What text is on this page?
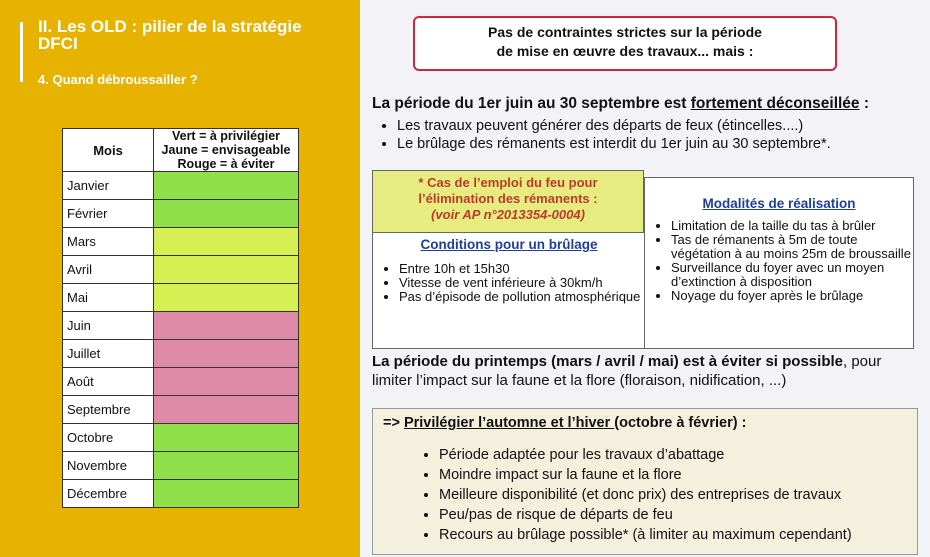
II. Les OLD : pilier de la stratégie DFCI
4. Quand débroussailler ?
Mois	Vert = à privilégier
Jaune = envisageable
Rouge = à éviter

Janvier	
Février	
Mars	
Avril	
Mai	
Juin	
Juillet	
Août	
Septembre	
Octobre	
Novembre	
Décembre	
Pas de contraintes strictes sur la période
de mise en œuvre des travaux... mais :
La période du 1er juin au 30 septembre est fortement déconseillée :
• Les travaux peuvent générer des départs de feux (étincelles....)
• Le brûlage des rémanents est interdit du 1er juin au 30 septembre*.
* Cas de l’emploi du feu pour
l’élimination des rémanents :
(voir AP n°2013354-0004)
Conditions pour un brûlage
• Entre 10h et 15h30
• Vitesse de vent inférieure à 30km/h
• Pas d’épisode de pollution atmosphérique
Modalités de réalisation
• Limitation de la taille du tas à brûler
• Tas de rémanents à 5m de toute végétation à au moins 25m de broussaille
• Surveillance du foyer avec un moyen d’extinction à disposition
• Noyage du foyer après le brûlage
La période du printemps (mars / avril / mai) est à éviter si possible, pour limiter l’impact sur la faune et la flore (floraison, nidification, ...)
=> Privilégier l’automne et l’hiver (octobre à février) :
• Période adaptée pour les travaux d’abattage
• Moindre impact sur la faune et la flore
• Meilleure disponibilité (et donc prix) des entreprises de travaux
• Peu/pas de risque de départs de feu
• Recours au brûlage possible* (à limiter au maximum cependant)
